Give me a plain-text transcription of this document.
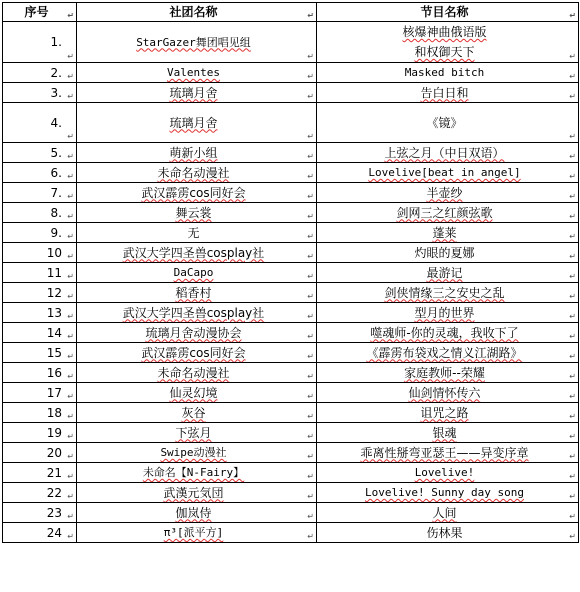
序号 ↵	社团名称 ↵	节目名称 ↵

1.
↵	StarGazer舞团唱见组
↵	核爆神曲俄语版
和权御天下 ↵

2. ↵	Valentes ↵	Masked bitch ↵

3. ↵	琉璃月舍 ↵	告白日和 ↵

4.
↵	琉璃月舍
↵	《镜》
↵

5. ↵	萌新小组 ↵	上弦之月（中日双语） ↵

6. ↵	未命名动漫社 ↵	Lovelive[beat in angel] ↵

7. ↵	武汉霹雳cos同好会 ↵	半壶纱 ↵

8. ↵	舞云裳 ↵	剑网三之红颜弦歌 ↵

9. ↵	无 ↵	蓬莱 ↵

10 ↵	武汉大学四圣兽cosplay社 ↵	灼眼的夏娜 ↵

11 ↵	DaCapo ↵	最游记 ↵

12 ↵	稻香村 ↵	剑侠情缘三之安史之乱 ↵

13 ↵	武汉大学四圣兽cosplay社 ↵	型月的世界 ↵

14 ↵	琉璃月舍动漫协会 ↵	噬魂师-你的灵魂，我收下了 ↵

15 ↵	武汉霹雳cos同好会 ↵	《霹雳布袋戏之情义江湖路》 ↵

16 ↵	未命名动漫社 ↵	家庭教师--荣耀 ↵

17 ↵	仙灵幻境 ↵	仙剑情怀传六 ↵

18 ↵	灰谷 ↵	诅咒之路 ↵

19 ↵	下弦月 ↵	银魂 ↵

20 ↵	Swipe动漫社 ↵	乖离性掰弯亚瑟王——异变序章 ↵

21 ↵	未命名【N-Fairy】 ↵	Lovelive! ↵

22 ↵	武漢元気団 ↵	Lovelive! Sunny day song ↵

23 ↵	伽岚侍 ↵	人间 ↵

24 ↵	π³[派平方] ↵	伤林果 ↵
